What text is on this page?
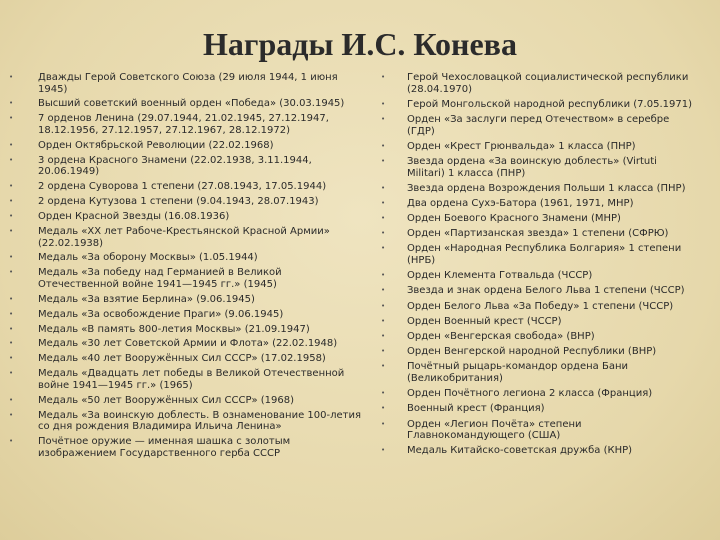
Награды И.С. Конева
• Дважды Герой Советского Союза (29 июля 1944, 1 июня 1945)
• Высший советский военный орден «Победа» (30.03.1945)
• 7 орденов Ленина (29.07.1944, 21.02.1945, 27.12.1947, 18.12.1956, 27.12.1957, 27.12.1967, 28.12.1972)
• Орден Октябрьской Революции (22.02.1968)
• 3 ордена Красного Знамени (22.02.1938, 3.11.1944, 20.06.1949)
• 2 ордена Суворова 1 степени (27.08.1943, 17.05.1944)
• 2 ордена Кутузова 1 степени (9.04.1943, 28.07.1943)
• Орден Красной Звезды (16.08.1936)
• Медаль «XX лет Рабоче-Крестьянской Красной Армии» (22.02.1938)
• Медаль «За оборону Москвы» (1.05.1944)
• Медаль «За победу над Германией в Великой Отечественной войне 1941—1945 гг.» (1945)
• Медаль «За взятие Берлина» (9.06.1945)
• Медаль «За освобождение Праги» (9.06.1945)
• Медаль «В память 800-летия Москвы» (21.09.1947)
• Медаль «30 лет Советской Армии и Флота» (22.02.1948)
• Медаль «40 лет Вооружённых Сил СССР» (17.02.1958)
• Медаль «Двадцать лет победы в Великой Отечественной войне 1941—1945 гг.» (1965)
• Медаль «50 лет Вооружённых Сил СССР» (1968)
• Медаль «За воинскую доблесть. В ознаменование 100-летия со дня рождения Владимира Ильича Ленина»
• Почётное оружие — именная шашка с золотым изображением Государственного герба СССР
• Герой Чехословацкой социалистической республики (28.04.1970)
• Герой Монгольской народной республики (7.05.1971)
• Орден «За заслуги перед Отечеством» в серебре (ГДР)
• Орден «Крест Грюнвальда» 1 класса (ПНР)
• Звезда ордена «За воинскую доблесть» (Virtuti Militari) 1 класса (ПНР)
• Звезда ордена Возрождения Польши 1 класса (ПНР)
• Два ордена Сухэ-Батора (1961, 1971, МНР)
• Орден Боевого Красного Знамени (МНР)
• Орден «Партизанская звезда» 1 степени (СФРЮ)
• Орден «Народная Республика Болгария» 1 степени (НРБ)
• Орден Клемента Готвальда (ЧССР)
• Звезда и знак ордена Белого Льва 1 степени (ЧССР)
• Орден Белого Льва «За Победу» 1 степени (ЧССР)
• Орден Военный крест (ЧССР)
• Орден «Венгерская свобода» (ВНР)
• Орден Венгерской народной Республики (ВНР)
• Почётный рыцарь-командор ордена Бани (Великобритания)
• Орден Почётного легиона 2 класса (Франция)
• Военный крест (Франция)
• Орден «Легион Почёта» степени Главнокомандующего (США)
• Медаль Китайско-советская дружба (КНР)
